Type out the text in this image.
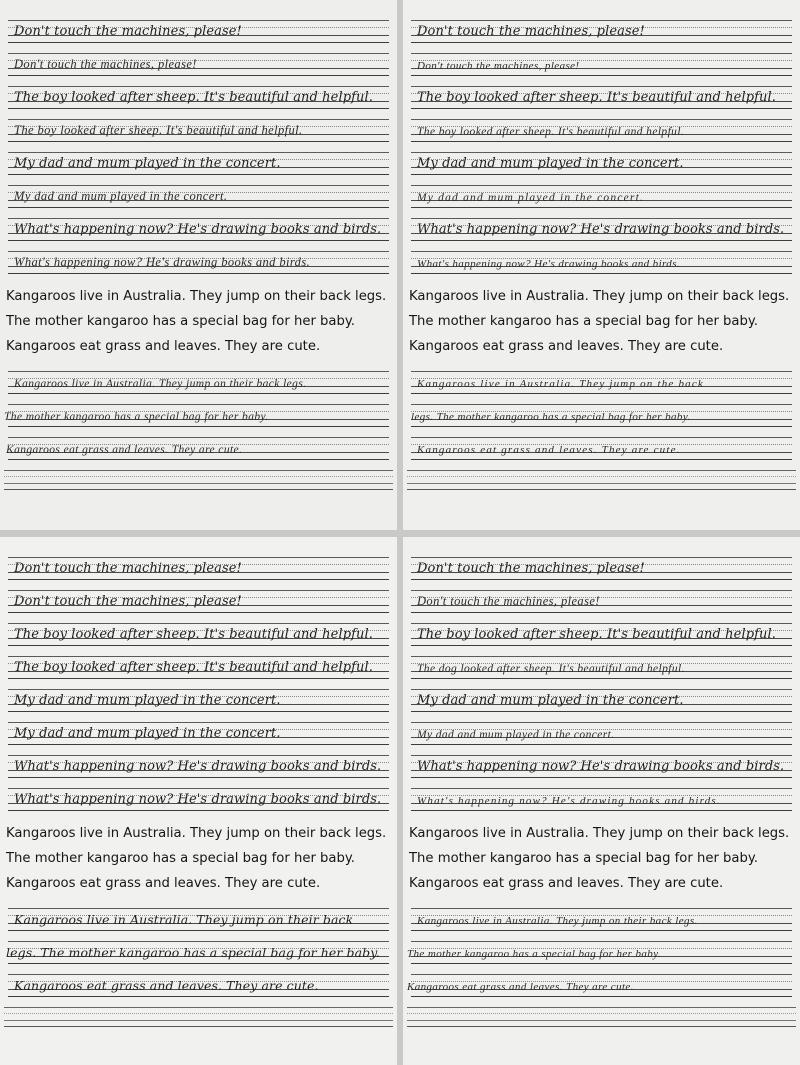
Don't touch the machines, please!
Don't touch the machines, please!
The boy looked after sheep. It's beautiful and helpful.
The boy looked after sheep. It's beautiful and helpful.
My dad and mum played in the concert.
My dad and mum played in the concert.
What's happening now? He's drawing books and birds.
What's happening now? He's drawing books and birds.

Kangaroos live in Australia. They jump on their back legs.

The mother kangaroo has a special bag for her baby.

Kangaroos eat grass and leaves. They are cute.

Kangaroos live in Australia. They jump on their back legs.
The mother kangaroo has a special bag for her baby.
Kangaroos eat grass and leaves. They are cute.
Don't touch the machines, please!
Don't touch the machines, please!
The boy looked after sheep. It's beautiful and helpful.
The boy looked after sheep. It's beautiful and helpful.
My dad and mum played in the concert.
My dad and mum played in the concert.
What's happening now? He's drawing books and birds.
What's happening now? He's drawing books and birds.

Kangaroos live in Australia. They jump on their back legs.

The mother kangaroo has a special bag for her baby.

Kangaroos eat grass and leaves. They are cute.

Kangaroos live in Australia. They jump on the back
legs. The mother kangaroo has a special bag for her baby.
Kangaroos eat grass and leaves. They are cute.
Don't touch the machines, please!
Don't touch the machines, please!
The boy looked after sheep. It's beautiful and helpful.
The boy looked after sheep. It's beautiful and helpful.
My dad and mum played in the concert.
My dad and mum played in the concert.
What's happening now? He's drawing books and birds.
What's happening now? He's drawing books and birds.

Kangaroos live in Australia. They jump on their back legs.

The mother kangaroo has a special bag for her baby.

Kangaroos eat grass and leaves. They are cute.

Kangaroos live in Australia. They jump on their back
legs. The mother kangaroo has a special bag for her baby.
Kangaroos eat grass and leaves. They are cute.
Don't touch the machines, please!
Don't touch the machines, please!
The boy looked after sheep. It's beautiful and helpful.
The dog looked after sheep. It's beautiful and helpful.
My dad and mum played in the concert.
My dad and mum played in the concert.
What's happening now? He's drawing books and birds.
What's happening now? He's drawing books and birds.

Kangaroos live in Australia. They jump on their back legs.

The mother kangaroo has a special bag for her baby.

Kangaroos eat grass and leaves. They are cute.

Kangaroos live in Australia. They jump on their back legs.
The mother kangaroo has a special bag for her baby.
Kangaroos eat grass and leaves. They are cute.
